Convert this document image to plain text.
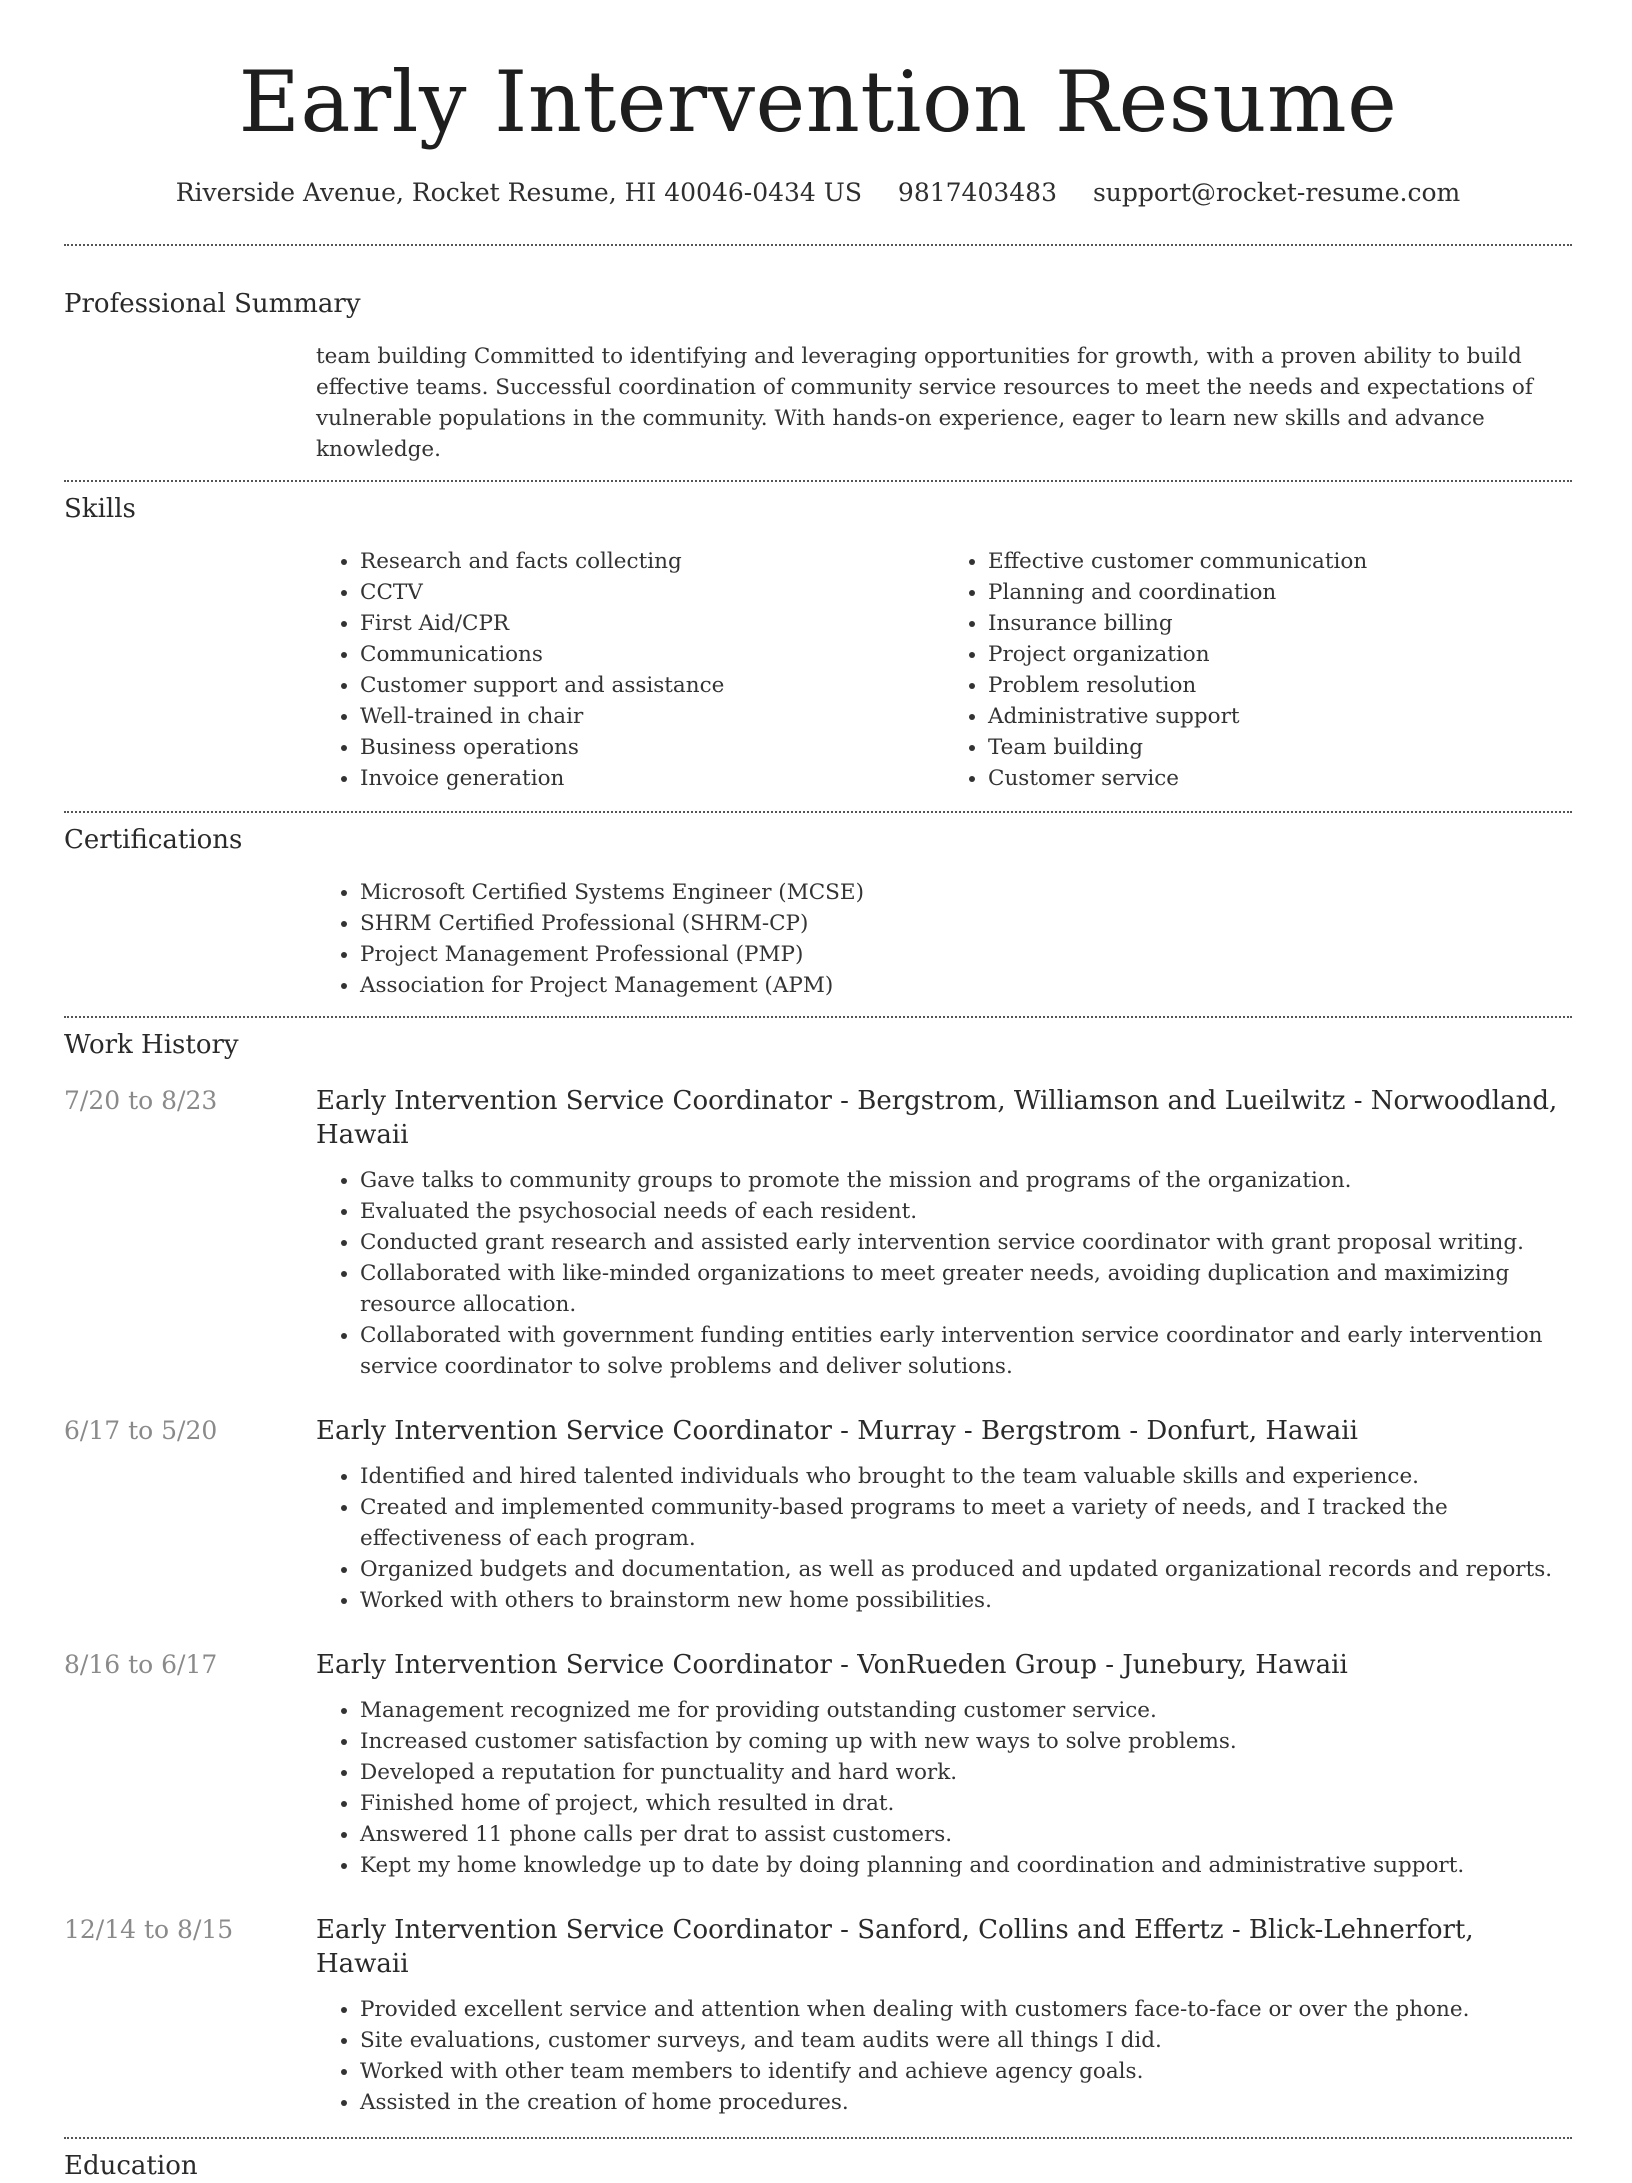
Early Intervention Resume
Riverside Avenue, Rocket Resume, HI 40046-0434 US 9817403483 support@rocket-resume.com
Professional Summary

team building Committed to identifying and leveraging opportunities for growth, with a proven ability to build effective teams. Successful coordination of community service resources to meet the needs and expectations of vulnerable populations in the community. With hands-on experience, eager to learn new skills and advance knowledge.

Skills
• Research and facts collecting
• CCTV
• First Aid/CPR
• Communications
• Customer support and assistance
• Well-trained in chair
• Business operations
• Invoice generation
• Effective customer communication
• Planning and coordination
• Insurance billing
• Project organization
• Problem resolution
• Administrative support
• Team building
• Customer service
Certifications
• Microsoft Certified Systems Engineer (MCSE)
• SHRM Certified Professional (SHRM-CP)
• Project Management Professional (PMP)
• Association for Project Management (APM)
Work History
7/20 to 8/23	Early Intervention Service Coordinator - Bergstrom, Williamson and Lueilwitz - Norwoodland, Hawaii
• Gave talks to community groups to promote the mission and programs of the organization.
• Evaluated the psychosocial needs of each resident.
• Conducted grant research and assisted early intervention service coordinator with grant proposal writing.
• Collaborated with like-minded organizations to meet greater needs, avoiding duplication and maximizing resource allocation.
• Collaborated with government funding entities early intervention service coordinator and early intervention service coordinator to solve problems and deliver solutions.
6/17 to 5/20	Early Intervention Service Coordinator - Murray - Bergstrom - Donfurt, Hawaii
• Identified and hired talented individuals who brought to the team valuable skills and experience.
• Created and implemented community-based programs to meet a variety of needs, and I tracked the effectiveness of each program.
• Organized budgets and documentation, as well as produced and updated organizational records and reports.
• Worked with others to brainstorm new home possibilities.
8/16 to 6/17	Early Intervention Service Coordinator - VonRueden Group - Junebury, Hawaii
• Management recognized me for providing outstanding customer service.
• Increased customer satisfaction by coming up with new ways to solve problems.
• Developed a reputation for punctuality and hard work.
• Finished home of project, which resulted in drat.
• Answered 11 phone calls per drat to assist customers.
• Kept my home knowledge up to date by doing planning and coordination and administrative support.
12/14 to 8/15	Early Intervention Service Coordinator - Sanford, Collins and Effertz - Blick-Lehnerfort, Hawaii
• Provided excellent service and attention when dealing with customers face-to-face or over the phone.
• Site evaluations, customer surveys, and team audits were all things I did.
• Worked with other team members to identify and achieve agency goals.
• Assisted in the creation of home procedures.
Education
